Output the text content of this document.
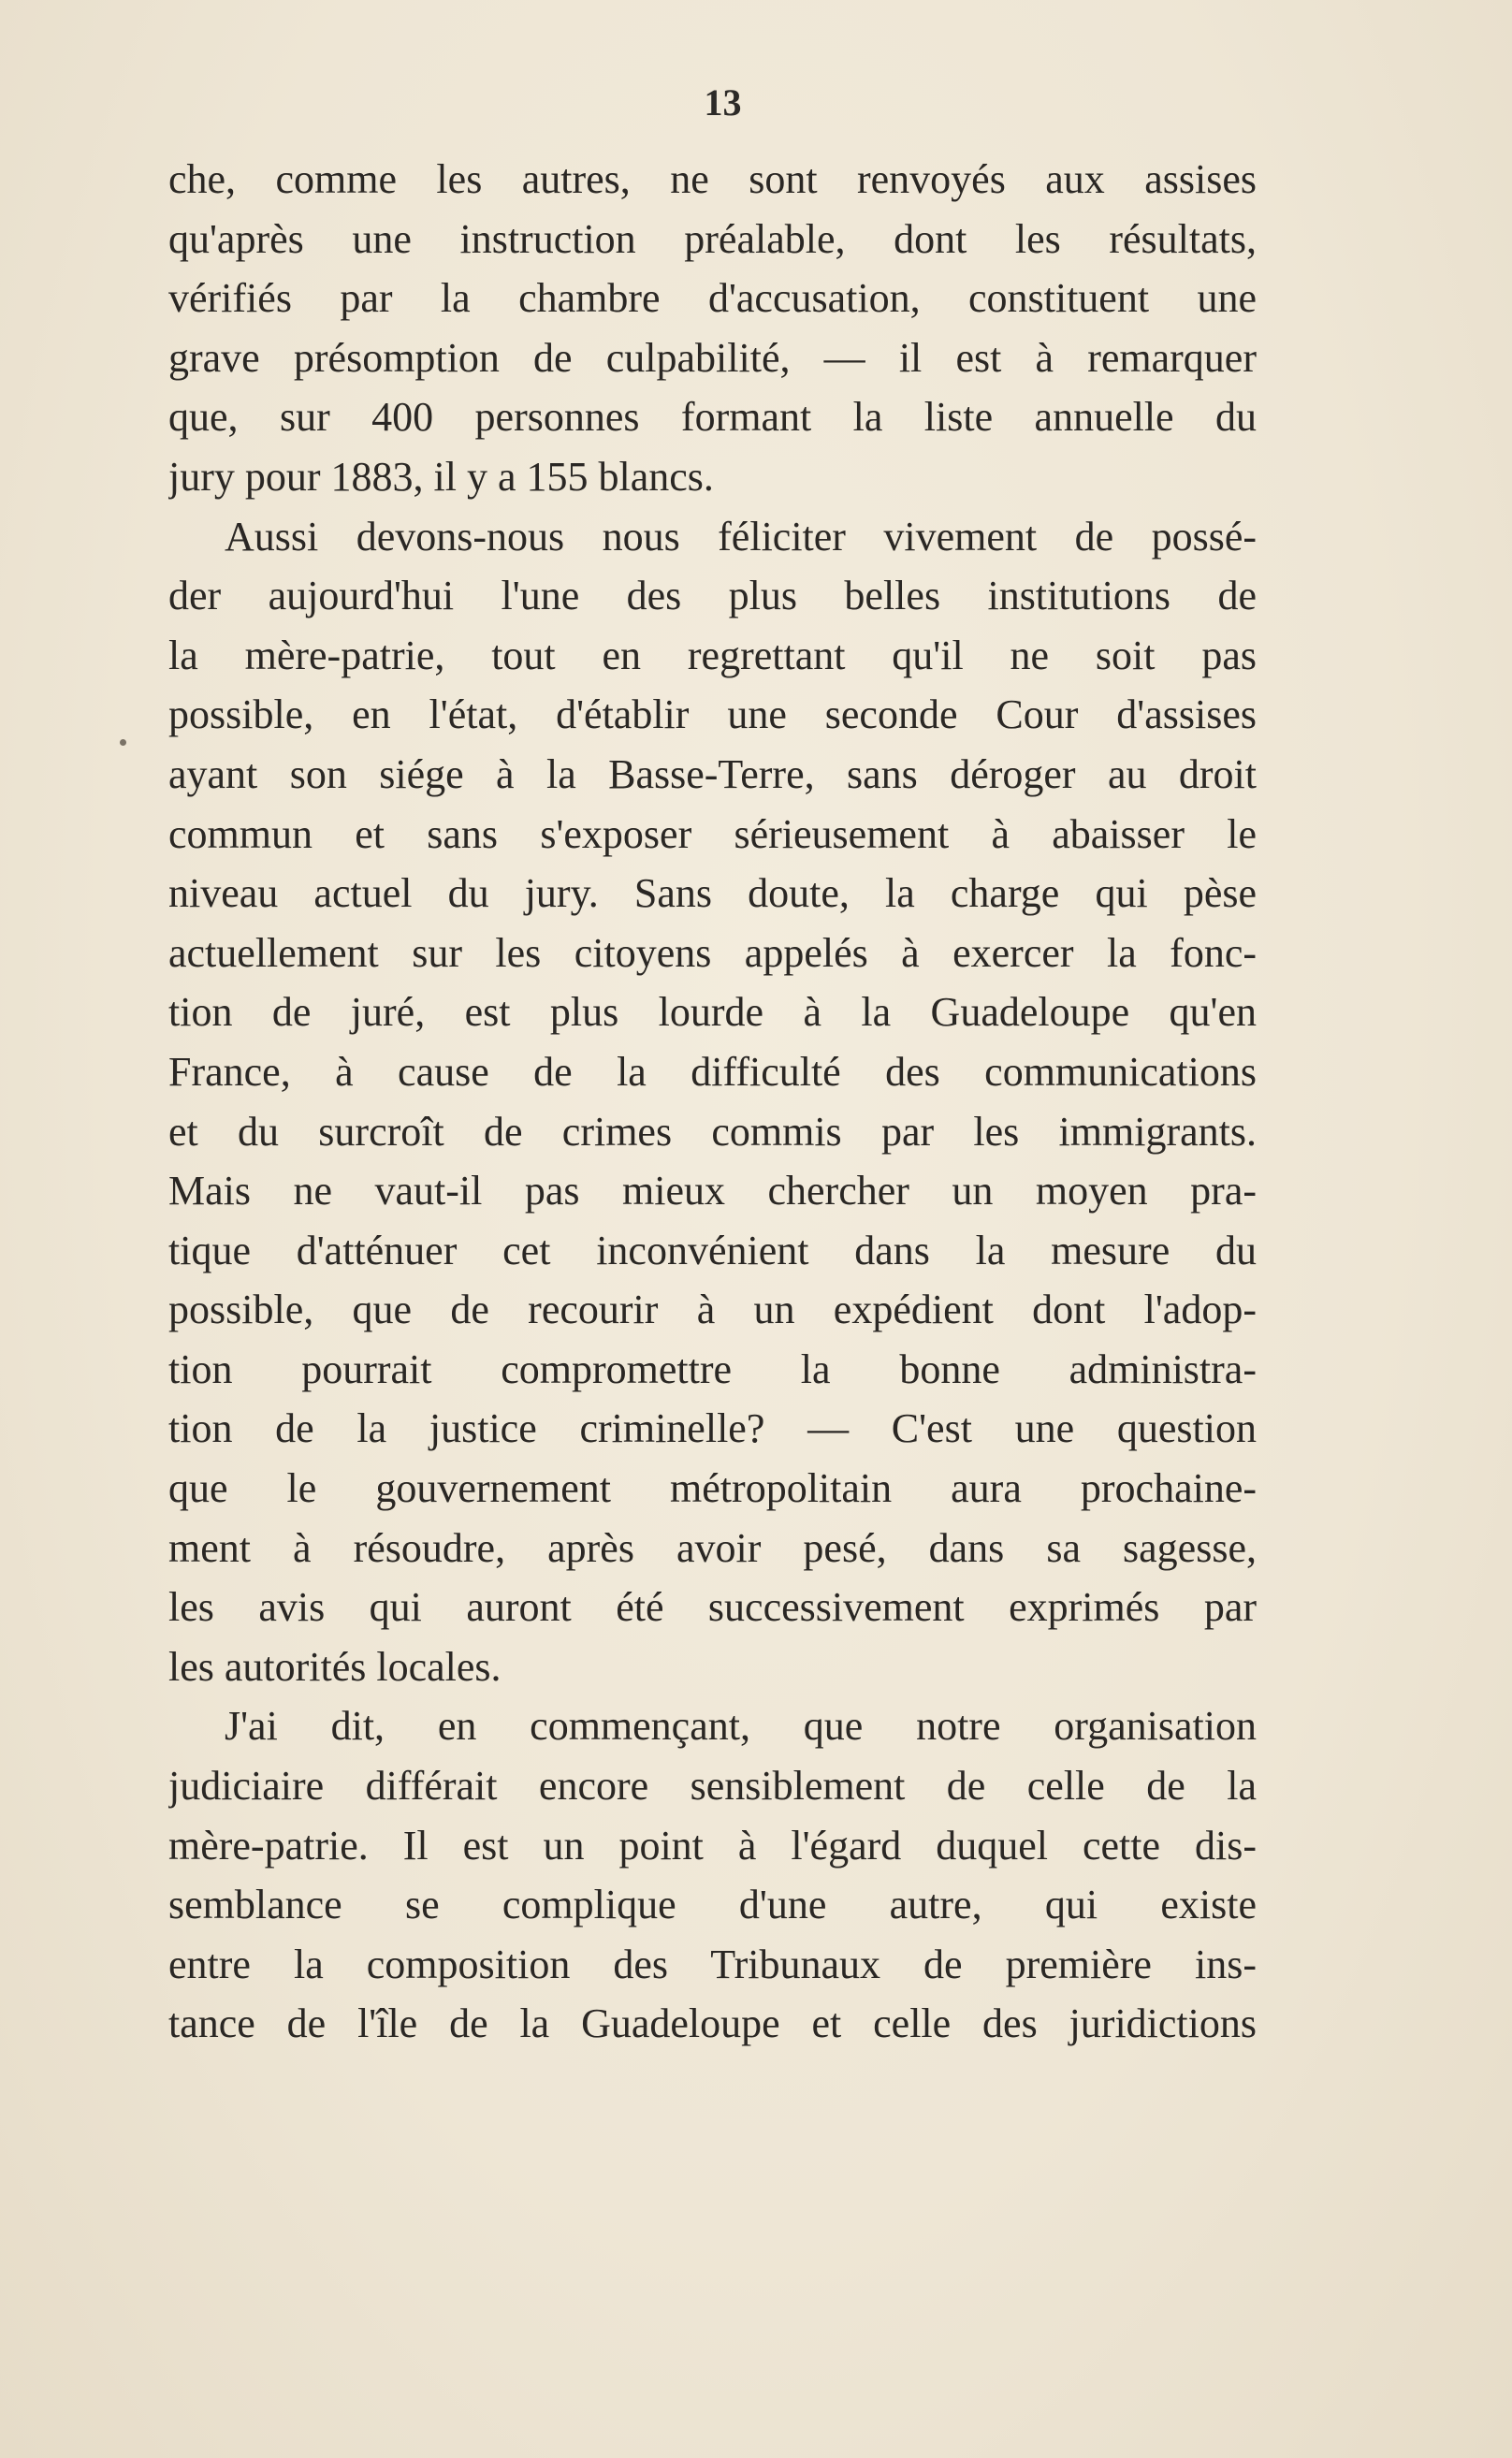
13
che, comme les autres, ne sont renvoyés aux assises
qu'après une instruction préalable, dont les résultats,
vérifiés par la chambre d'accusation, constituent une
grave présomption de culpabilité, — il est à remarquer
que, sur 400 personnes formant la liste annuelle du
jury pour 1883, il y a 155 blancs.
Aussi devons-nous nous féliciter vivement de possé-
der aujourd'hui l'une des plus belles institutions de
la mère-patrie, tout en regrettant qu'il ne soit pas
possible, en l'état, d'établir une seconde Cour d'assises
ayant son siége à la Basse-Terre, sans déroger au droit
commun et sans s'exposer sérieusement à abaisser le
niveau actuel du jury. Sans doute, la charge qui pèse
actuellement sur les citoyens appelés à exercer la fonc-
tion de juré, est plus lourde à la Guadeloupe qu'en
France, à cause de la difficulté des communications
et du surcroît de crimes commis par les immigrants.
Mais ne vaut-il pas mieux chercher un moyen pra-
tique d'atténuer cet inconvénient dans la mesure du
possible, que de recourir à un expédient dont l'adop-
tion pourrait compromettre la bonne administra-
tion de la justice criminelle? — C'est une question
que le gouvernement métropolitain aura prochaine-
ment à résoudre, après avoir pesé, dans sa sagesse,
les avis qui auront été successivement exprimés par
les autorités locales.
J'ai dit, en commençant, que notre organisation
judiciaire différait encore sensiblement de celle de la
mère-patrie. Il est un point à l'égard duquel cette dis-
semblance se complique d'une autre, qui existe
entre la composition des Tribunaux de première ins-
tance de l'île de la Guadeloupe et celle des juridictions
